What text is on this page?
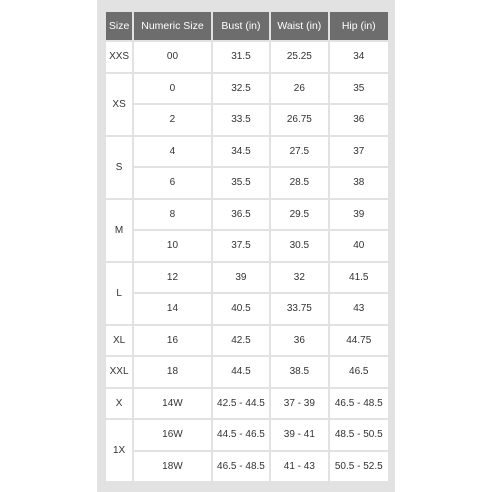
Size	Numeric Size	Bust (in)	Waist (in)	Hip (in)
XXS	00	31.5	25.25	34
XS	0	32.5	26	35
	2	33.5	26.75	36
S	4	34.5	27.5	37
	6	35.5	28.5	38
M	8	36.5	29.5	39
	10	37.5	30.5	40
L	12	39	32	41.5
	14	40.5	33.75	43
XL	16	42.5	36	44.75
XXL	18	44.5	38.5	46.5
X	14W	42.5 - 44.5	37 - 39	46.5 - 48.5
1X	16W	44.5 - 46.5	39 - 41	48.5 - 50.5
	18W	46.5 - 48.5	41 - 43	50.5 - 52.5
